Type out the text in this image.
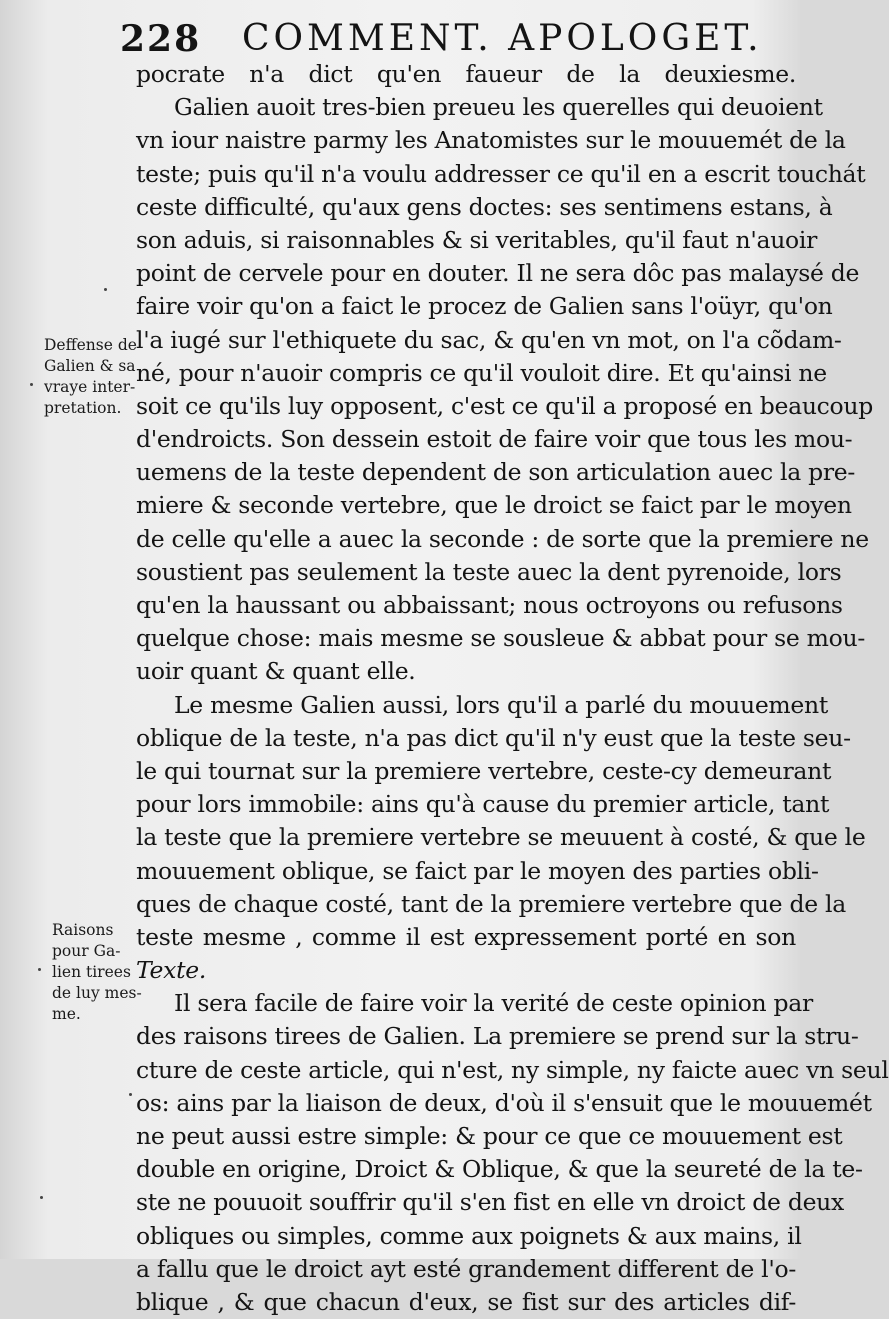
228 COMMENT. APOLOGET.
pocrate n'a dict qu'en faueur de la deuxiesme.
Galien auoit tres-bien preueu les querelles qui deuoient
vn iour naistre parmy les Anatomistes sur le mouuemét de la
teste; puis qu'il n'a voulu addresser ce qu'il en a escrit touchát
ceste difficulté, qu'aux gens doctes: ses sentimens estans, à
son aduis, si raisonnables & si veritables, qu'il faut n'auoir
point de cervele pour en douter. Il ne sera dôc pas malaysé de
faire voir qu'on a faict le procez de Galien sans l'oüyr, qu'on
l'a iugé sur l'ethiquete du sac, & qu'en vn mot, on l'a cõdam-
né, pour n'auoir compris ce qu'il vouloit dire. Et qu'ainsi ne
soit ce qu'ils luy opposent, c'est ce qu'il a proposé en beaucoup
d'endroicts. Son dessein estoit de faire voir que tous les mou-
uemens de la teste dependent de son articulation auec la pre-
miere & seconde vertebre, que le droict se faict par le moyen
de celle qu'elle a auec la seconde : de sorte que la premiere ne
soustient pas seulement la teste auec la dent pyrenoide, lors
qu'en la haussant ou abbaissant; nous octroyons ou refusons
quelque chose: mais mesme se sousleue & abbat pour se mou-
uoir quant & quant elle.
Le mesme Galien aussi, lors qu'il a parlé du mouuement
oblique de la teste, n'a pas dict qu'il n'y eust que la teste seu-
le qui tournat sur la premiere vertebre, ceste-cy demeurant
pour lors immobile: ains qu'à cause du premier article, tant
la teste que la premiere vertebre se meuuent à costé, & que le
mouuement oblique, se faict par le moyen des parties obli-
ques de chaque costé, tant de la premiere vertebre que de la
teste mesme , comme il est expressement porté en son
Texte.
Il sera facile de faire voir la verité de ceste opinion par
des raisons tirees de Galien. La premiere se prend sur la stru-
cture de ceste article, qui n'est, ny simple, ny faicte auec vn seul
os: ains par la liaison de deux, d'où il s'ensuit que le mouuemét
ne peut aussi estre simple: & pour ce que ce mouuement est
double en origine, Droict & Oblique, & que la seureté de la te-
ste ne pouuoit souffrir qu'il s'en fist en elle vn droict de deux
obliques ou simples, comme aux poignets & aux mains, il
a fallu que le droict ayt esté grandement different de l'o-
blique , & que chacun d'eux, se fist sur des articles dif-
Deffense de
Galien & sa
vraye inter-
pretation.
Raisons
pour Ga-
lien tirees
de luy mes-
me.
